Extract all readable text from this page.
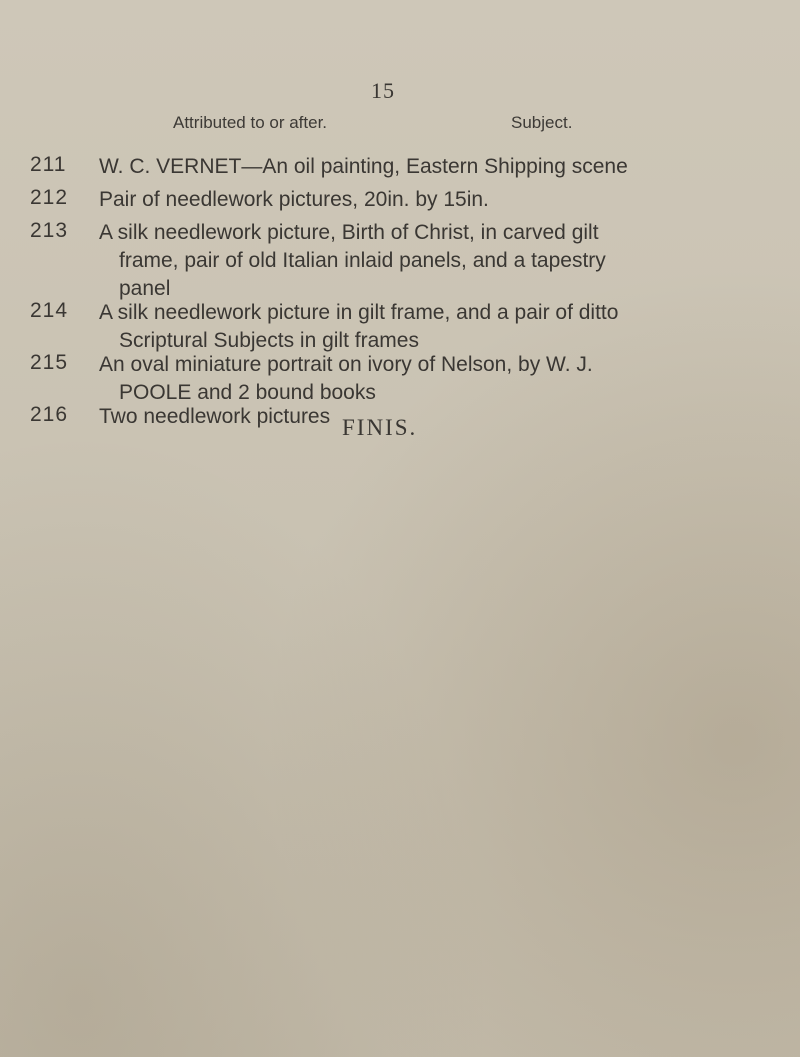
15
Attributed to or after.	Subject.
211 W. C. VERNET—An oil painting, Eastern Shipping scene
212 Pair of needlework pictures, 20in. by 15in.
213 A silk needlework picture, Birth of Christ, in carved gilt
frame, pair of old Italian inlaid panels, and a tapestry
panel
214 A silk needlework picture in gilt frame, and a pair of ditto
Scriptural Subjects in gilt frames
215 An oval miniature portrait on ivory of Nelson, by W. J.
POOLE and 2 bound books
216 Two needlework pictures FINIS.
